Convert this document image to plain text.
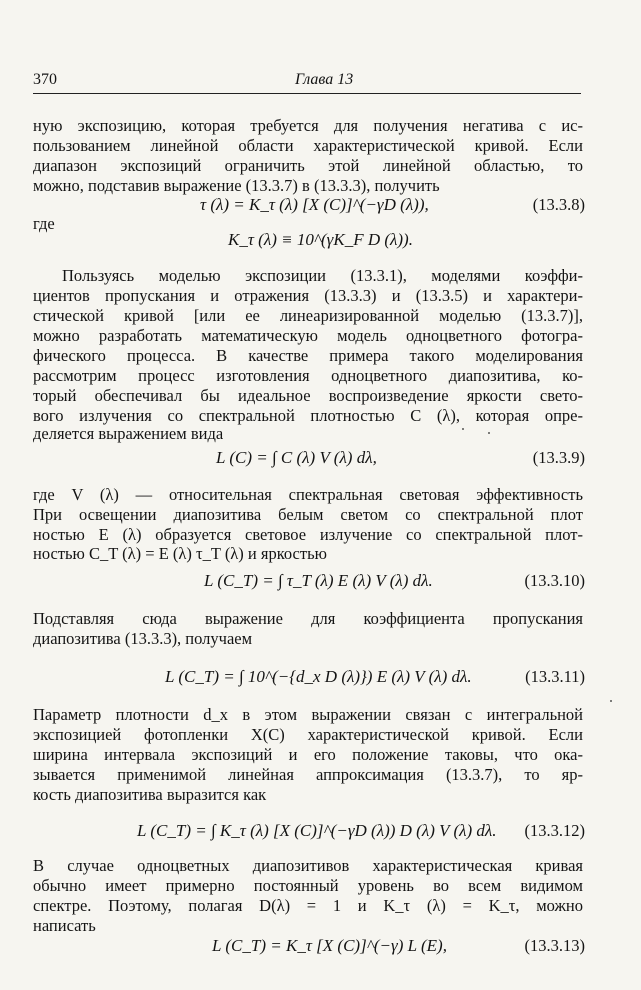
370	Глава 13
ную экспозицию, которая требуется для получения негатива с ис-
пользованием линейной области характеристической кривой. Если
диапазон экспозиций ограничить этой линейной областью, то
можно, подставив выражение (13.3.7) в (13.3.3), получить
τ (λ) = K_τ (λ) [X (C)]^(−γD (λ)),	(13.3.8)
где
K_τ (λ) ≡ 10^(γK_F D (λ)).
Пользуясь моделью экспозиции (13.3.1), моделями коэффи-
циентов пропускания и отражения (13.3.3) и (13.3.5) и характери-
стической кривой [или ее линеаризированной моделью (13.3.7)],
можно разработать математическую модель одноцветного фотогра-
фического процесса. В качестве примера такого моделирования
рассмотрим процесс изготовления одноцветного диапозитива, ко-
торый обеспечивал бы идеальное воспроизведение яркости свето-
вого излучения со спектральной плотностью C (λ), которая опре-
деляется выражением вида
L (C) = ∫ C (λ) V (λ) dλ,	(13.3.9)
где V (λ) — относительная спектральная световая эффективность
При освещении диапозитива белым светом со спектральной плот
ностью E (λ) образуется световое излучение со спектральной плот-
ностью C_T (λ) = E (λ) τ_T (λ) и яркостью
L (C_T) = ∫ τ_T (λ) E (λ) V (λ) dλ.	(13.3.10)
Подставляя сюда выражение для коэффициента пропускания
диапозитива (13.3.3), получаем
L (C_T) = ∫ 10^(−{d_x D (λ)}) E (λ) V (λ) dλ.	(13.3.11)
Параметр плотности d_x в этом выражении связан с интегральной
экспозицией фотопленки X(C) характеристической кривой. Если
ширина интервала экспозиций и его положение таковы, что ока-
зывается применимой линейная аппроксимация (13.3.7), то яр-
кость диапозитива выразится как
L (C_T) = ∫ K_τ (λ) [X (C)]^(−γD (λ)) D (λ) V (λ) dλ.	(13.3.12)
В случае одноцветных диапозитивов характеристическая кривая
обычно имеет примерно постоянный уровень во всем видимом
спектре. Поэтому, полагая D(λ) = 1 и K_τ (λ) = K_τ, можно
написать
L (C_T) = K_τ [X (C)]^(−γ) L (E),	(13.3.13)
